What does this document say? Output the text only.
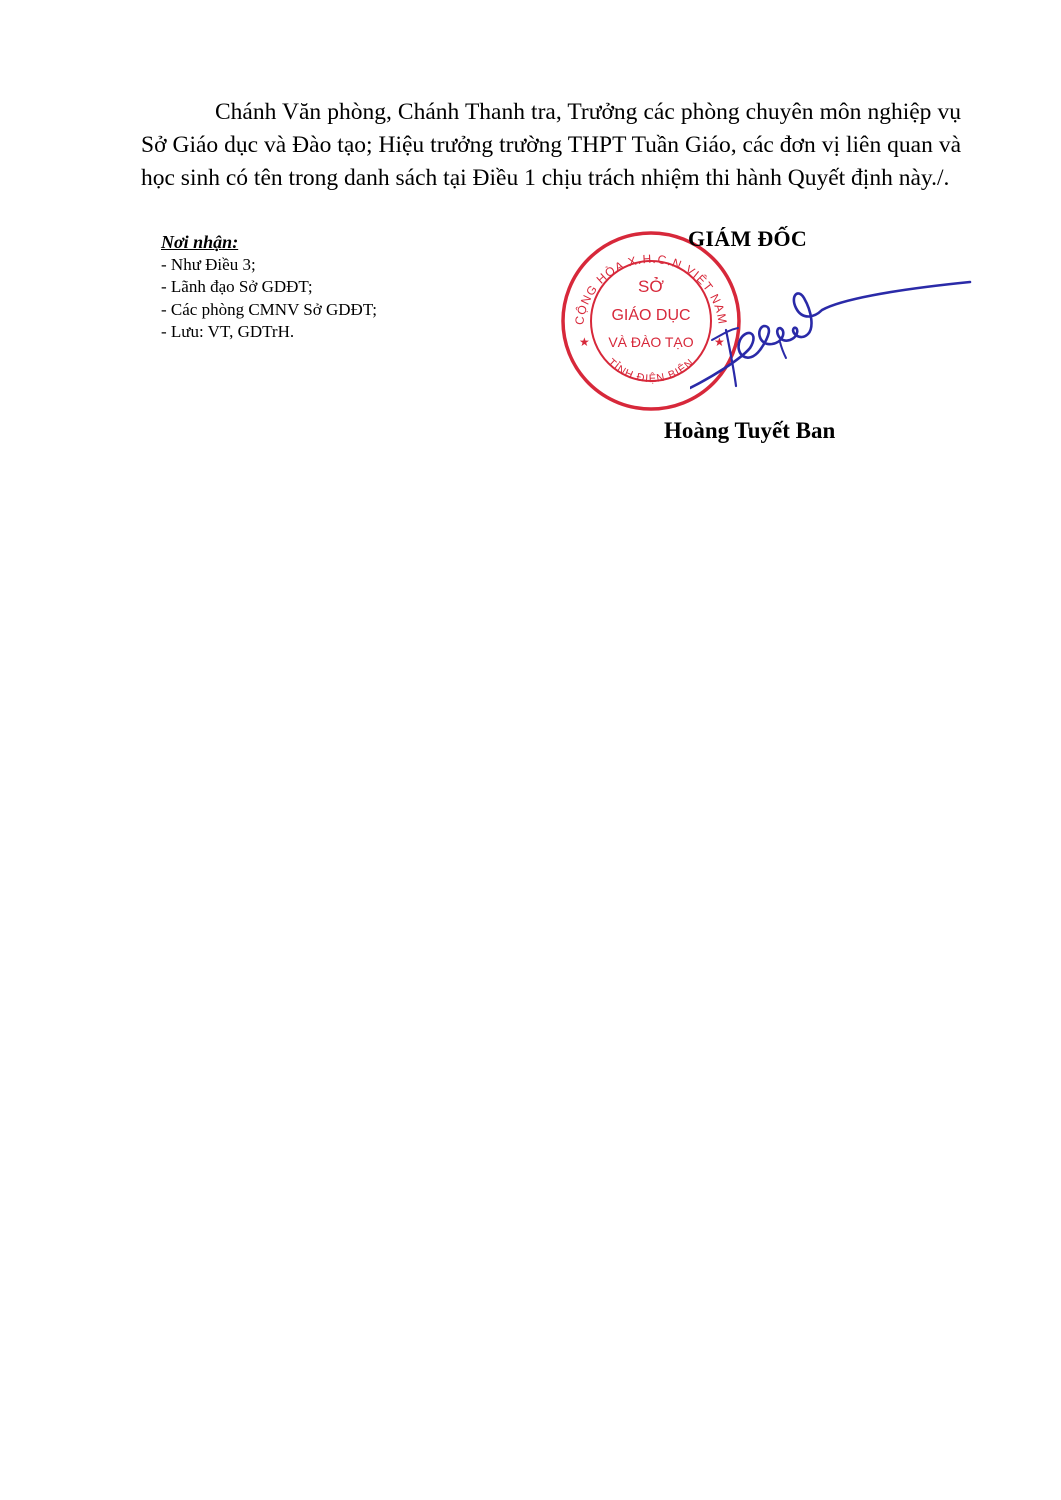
Chánh Văn phòng, Chánh Thanh tra, Trưởng các phòng chuyên môn nghiệp vụ Sở Giáo dục và Đào tạo; Hiệu trưởng trường THPT Tuần Giáo, các đơn vị liên quan và học sinh có tên trong danh sách tại Điều 1 chịu trách nhiệm thi hành Quyết định này./.
Nơi nhận:
- Như Điều 3;
- Lãnh đạo Sở GDĐT;
- Các phòng CMNV Sở GDĐT;
- Lưu: VT, GDTrH.
CỘNG HÒA X.H.C.N VIỆT NAM
TỈNH ĐIỆN BIÊN
★	★
SỞ
GIÁO DỤC
VÀ ĐÀO TẠO
GIÁM ĐỐC
Hoàng Tuyết Ban
